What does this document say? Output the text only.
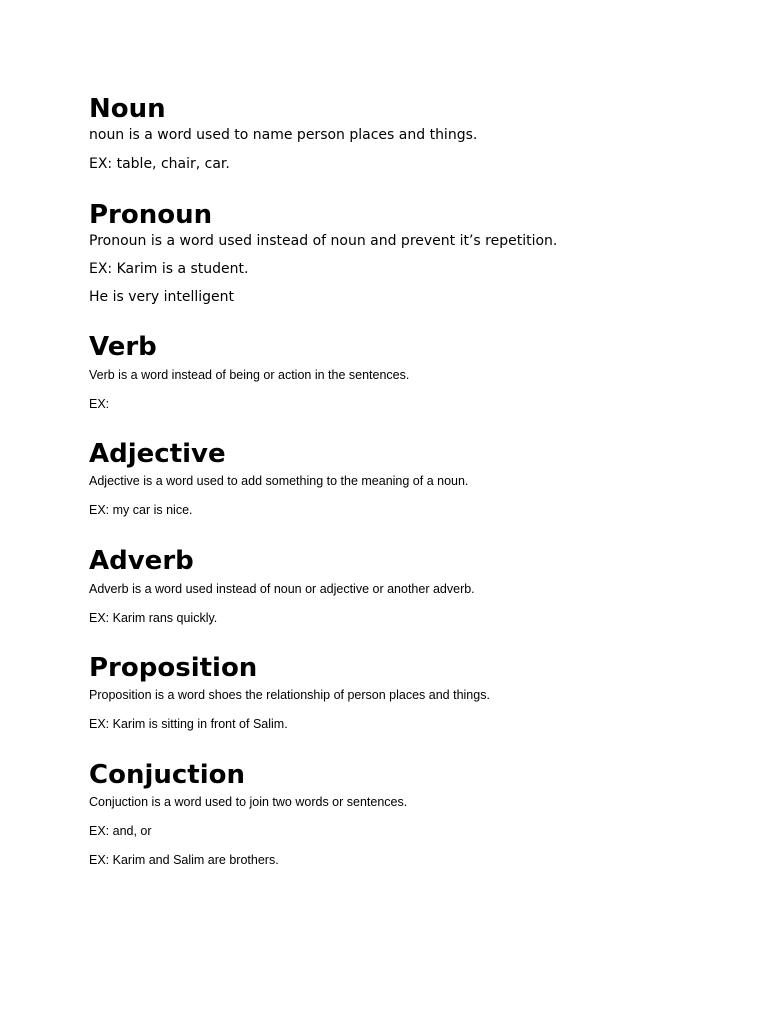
Noun

noun is a word used to name person places and things.

EX: table, chair, car.

Pronoun

Pronoun is a word used instead of noun and prevent it’s repetition.

EX: Karim is a student.

He is very intelligent

Verb

Verb is a word instead of being or action in the sentences.

EX:

Adjective

Adjective is a word used to add something to the meaning of a noun.

EX: my car is nice.

Adverb

Adverb is a word used instead of noun or adjective or another adverb.

EX: Karim rans quickly.

Proposition

Proposition is a word shoes the relationship of person places and things.

EX: Karim is sitting in front of Salim.

Conjuction

Conjuction is a word used to join two words or sentences.

EX: and, or

EX: Karim and Salim are brothers.
